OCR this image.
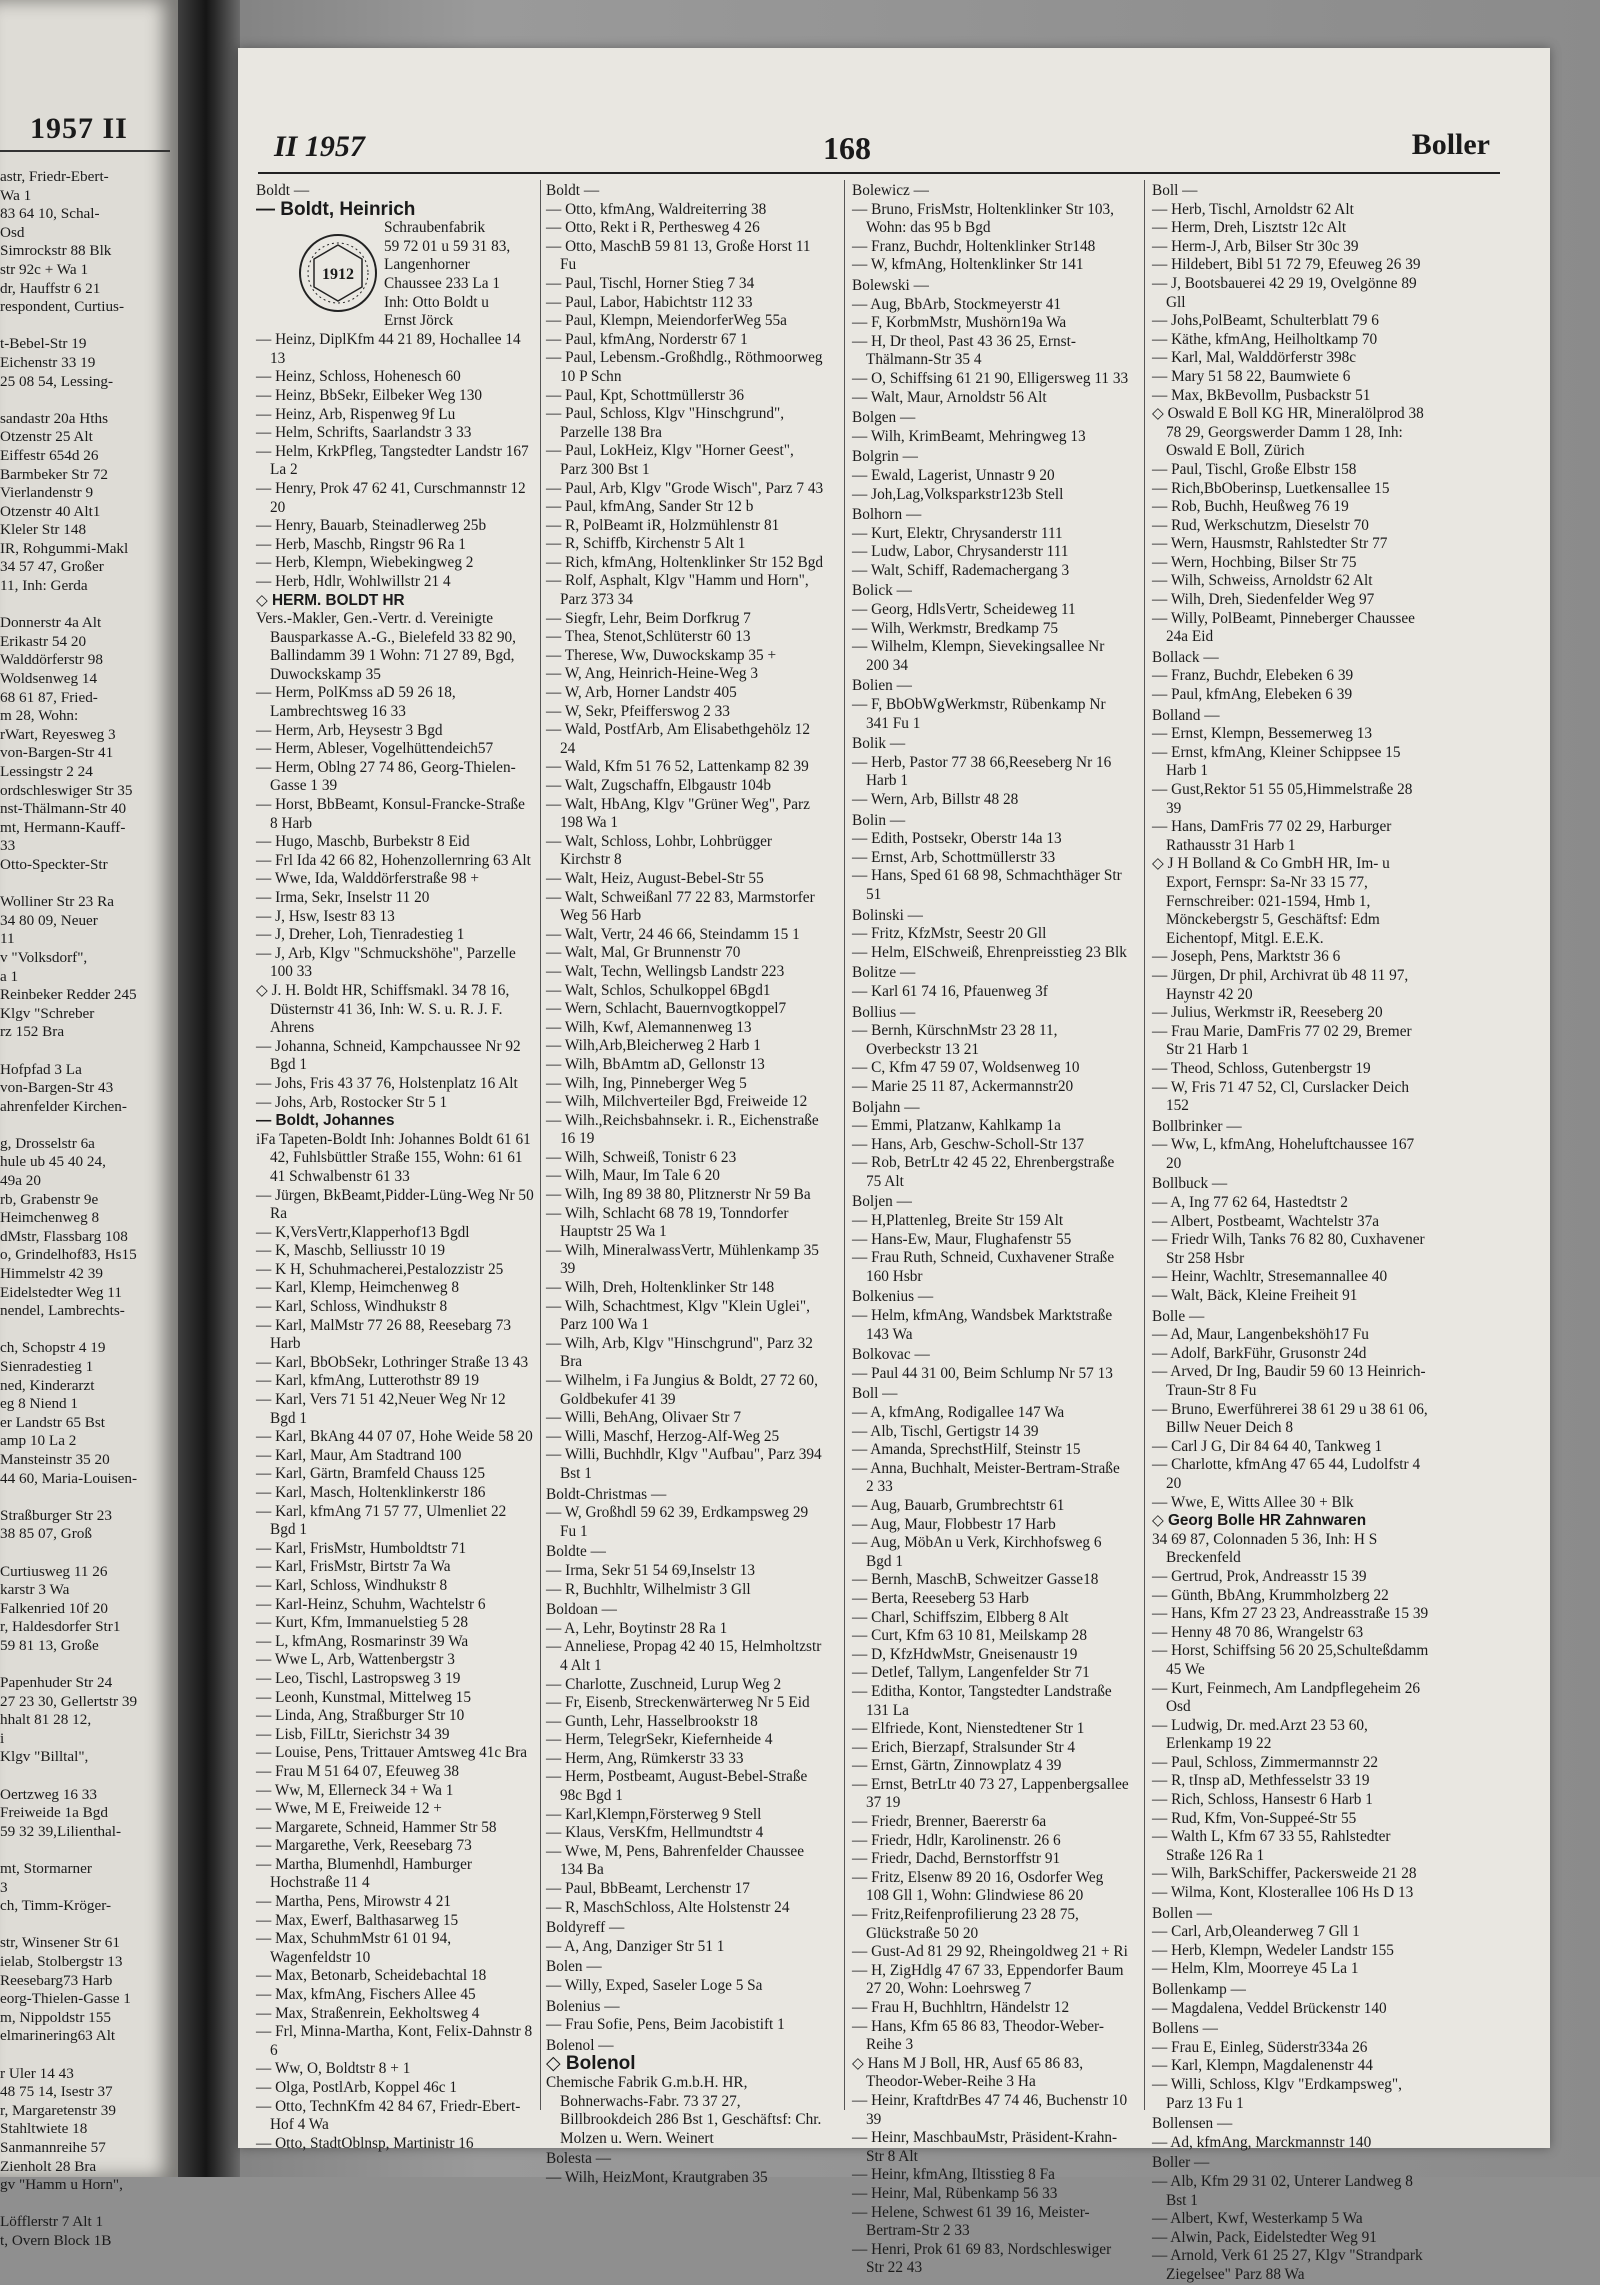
1957 II
astr, Friedr-Ebert-
Wa 1
83 64 10, Schal-
Osd
Simrockstr 88 Blk
str 92c + Wa 1
dr, Hauffstr 6 21
respondent, Curtius-
t-Bebel-Str 19
Eichenstr 33 19
25 08 54, Lessing-
sandastr 20a Hths
Otzenstr 25 Alt
Eiffestr 654d 26
Barmbeker Str 72
Vierlandenstr 9
Otzenstr 40 Alt1
Kleler Str 148
IR, Rohgummi-Makl
34 57 47, Großer
11, Inh: Gerda
Donnerstr 4a Alt
Erikastr 54 20
Walddörferstr 98
Woldsenweg 14
68 61 87, Fried-
m 28, Wohn:
rWart, Reyesweg 3
von-Bargen-Str 41
Lessingstr 2 24
ordschleswiger Str 35
nst-Thälmann-Str 40
mt, Hermann-Kauff-
33
Otto-Speckter-Str
Wolliner Str 23 Ra
34 80 09, Neuer
11
v "Volksdorf",
a 1
Reinbeker Redder 245
Klgv "Schreber
rz 152 Bra
Hofpfad 3 La
von-Bargen-Str 43
ahrenfelder Kirchen-
g, Drosselstr 6a
hule ub 45 40 24,
49a 20
rb, Grabenstr 9e
Heimchenweg 8
dMstr, Flassbarg 108
o, Grindelhof83, Hs15
Himmelstr 42 39
Eidelstedter Weg 11
nendel, Lambrechts-
ch, Schopstr 4 19
Sienradestieg 1
ned, Kinderarzt
eg 8 Niend 1
er Landstr 65 Bst
amp 10 La 2
Mansteinstr 35 20
44 60, Maria-Louisen-
Straßburger Str 23
38 85 07, Groß
Curtiusweg 11 26
karstr 3 Wa
Falkenried 10f 20
r, Haldesdorfer Str1
59 81 13, Große
Papenhuder Str 24
27 23 30, Gellertstr 39
hhalt 81 28 12,
i
Klgv "Billtal",
Oertzweg 16 33
Freiweide 1a Bgd
59 32 39,Lilienthal-
mt, Stormarner
3
ch, Timm-Kröger-
str, Winsener Str 61
ielab, Stolbergstr 13
Reesebarg73 Harb
eorg-Thielen-Gasse 1
m, Nippoldstr 155
elmarinering63 Alt
r Uler 14 43
48 75 14, Isestr 37
r, Margaretenstr 39
Stahltwiete 18
Sanmannreihe 57
Zienholt 28 Bra
gv "Hamm u Horn",
Löfflerstr 7 Alt 1
t, Overn Block 1B
II 1957	168	Boller
Boldt —
— Boldt, Heinrich
1912
Schraubenfabrik
59 72 01 u 59 31 83,
Langenhorner
Chaussee 233 La 1
Inh: Otto Boldt u
Ernst Jörck
— Heinz, DiplKfm 44 21 89, Hochallee 14 13
— Heinz, Schloss, Hohenesch 60
— Heinz, BbSekr, Eilbeker Weg 130
— Heinz, Arb, Rispenweg 9f Lu
— Helm, Schrifts, Saarlandstr 3 33
— Helm, KrkPfleg, Tangstedter Landstr 167 La 2
— Henry, Prok 47 62 41, Curschmannstr 12 20
— Henry, Bauarb, Steinadlerweg 25b
— Herb, Maschb, Ringstr 96 Ra 1
— Herb, Klempn, Wiebekingweg 2
— Herb, Hdlr, Wohlwillstr 21 4
◇ HERM. BOLDT HR
Vers.-Makler, Gen.-Vertr. d. Vereinigte Bausparkasse A.-G., Bielefeld 33 82 90, Ballindamm 39 1 Wohn: 71 27 89, Bgd, Duwockskamp 35
— Herm, PolKmss aD 59 26 18, Lambrechtsweg 16 33
— Herm, Arb, Heysestr 3 Bgd
— Herm, Ableser, Vogelhüttendeich57
— Herm, Oblng 27 74 86, Georg-Thielen-Gasse 1 39
— Horst, BbBeamt, Konsul-Francke-Straße 8 Harb
— Hugo, Maschb, Burbekstr 8 Eid
— Frl Ida 42 66 82, Hohenzollernring 63 Alt
— Wwe, Ida, Walddörferstraße 98 +
— Irma, Sekr, Inselstr 11 20
— J, Hsw, Isestr 83 13
— J, Dreher, Loh, Tienradestieg 1
— J, Arb, Klgv "Schmuckshöhe", Parzelle 100 33
◇ J. H. Boldt HR, Schiffsmakl. 34 78 16, Düsternstr 41 36, Inh: W. S. u. R. J. F. Ahrens
— Johanna, Schneid, Kampchaussee Nr 92 Bgd 1
— Johs, Fris 43 37 76, Holstenplatz 16 Alt
— Johs, Arb, Rostocker Str 5 1
— Boldt, Johannes
iFa Tapeten-Boldt Inh: Johannes Boldt 61 61 42, Fuhlsbüttler Straße 155, Wohn: 61 61 41 Schwalbenstr 61 33
— Jürgen, BkBeamt,Pidder-Lüng-Weg Nr 50 Ra
— K,VersVertr,Klapperhof13 Bgdl
— K, Maschb, Selliusstr 10 19
— K H, Schuhmacherei,Pestalozzistr 25
— Karl, Klemp, Heimchenweg 8
— Karl, Schloss, Windhukstr 8
— Karl, MalMstr 77 26 88, Reesebarg 73 Harb
— Karl, BbObSekr, Lothringer Straße 13 43
— Karl, kfmAng, Lutterothstr 89 19
— Karl, Vers 71 51 42,Neuer Weg Nr 12 Bgd 1
— Karl, BkAng 44 07 07, Hohe Weide 58 20
— Karl, Maur, Am Stadtrand 100
— Karl, Gärtn, Bramfeld Chauss 125
— Karl, Masch, Holtenklinkerstr 186
— Karl, kfmAng 71 57 77, Ulmenliet 22 Bgd 1
— Karl, FrisMstr, Humboldtstr 71
— Karl, FrisMstr, Birtstr 7a Wa
— Karl, Schloss, Windhukstr 8
— Karl-Heinz, Schuhm, Wachtelstr 6
— Kurt, Kfm, Immanuelstieg 5 28
— L, kfmAng, Rosmarinstr 39 Wa
— Wwe L, Arb, Wattenbergstr 3
— Leo, Tischl, Lastropsweg 3 19
— Leonh, Kunstmal, Mittelweg 15
— Linda, Ang, Straßburger Str 10
— Lisb, FilLtr, Sierichstr 34 39
— Louise, Pens, Trittauer Amtsweg 41c Bra
— Frau M 51 64 07, Efeuweg 38
— Ww, M, Ellerneck 34 + Wa 1
— Wwe, M E, Freiweide 12 +
— Margarete, Schneid, Hammer Str 58
— Margarethe, Verk, Reesebarg 73
— Martha, Blumenhdl, Hamburger Hochstraße 11 4
— Martha, Pens, Mirowstr 4 21
— Max, Ewerf, Balthasarweg 15
— Max, SchuhmMstr 61 01 94, Wagenfeldstr 10
— Max, Betonarb, Scheidebachtal 18
— Max, kfmAng, Fischers Allee 45
— Max, Straßenrein, Eekholtsweg 4
— Frl, Minna-Martha, Kont, Felix-Dahnstr 8 6
— Ww, O, Boldtstr 8 + 1
— Olga, PostlArb, Koppel 46c 1
— Otto, TechnKfm 42 84 67, Friedr-Ebert-Hof 4 Wa
— Otto, StadtOblnsp, Martinistr 16
Boldt —
— Otto, kfmAng, Waldreiterring 38
— Otto, Rekt i R, Perthesweg 4 26
— Otto, MaschB 59 81 13, Große Horst 11 Fu
— Paul, Tischl, Horner Stieg 7 34
— Paul, Labor, Habichtstr 112 33
— Paul, Klempn, MeiendorferWeg 55a
— Paul, kfmAng, Norderstr 67 1
— Paul, Lebensm.-Großhdlg., Röthmoorweg 10 P Schn
— Paul, Kpt, Schottmüllerstr 36
— Paul, Schloss, Klgv "Hinschgrund", Parzelle 138 Bra
— Paul, LokHeiz, Klgv "Horner Geest", Parz 300 Bst 1
— Paul, Arb, Klgv "Grode Wisch", Parz 7 43
— Paul, kfmAng, Sander Str 12 b
— R, PolBeamt iR, Holzmühlenstr 81
— R, Schiffb, Kirchenstr 5 Alt 1
— Rich, kfmAng, Holtenklinker Str 152 Bgd
— Rolf, Asphalt, Klgv "Hamm und Horn", Parz 373 34
— Siegfr, Lehr, Beim Dorfkrug 7
— Thea, Stenot,Schlüterstr 60 13
— Therese, Ww, Duwockskamp 35 +
— W, Ang, Heinrich-Heine-Weg 3
— W, Arb, Horner Landstr 405
— W, Sekr, Pfeifferswog 2 33
— Wald, PostfArb, Am Elisabethgehölz 12 24
— Wald, Kfm 51 76 52, Lattenkamp 82 39
— Walt, Zugschaffn, Elbgaustr 104b
— Walt, HbAng, Klgv "Grüner Weg", Parz 198 Wa 1
— Walt, Schloss, Lohbr, Lohbrügger Kirchstr 8
— Walt, Heiz, August-Bebel-Str 55
— Walt, Schweißanl 77 22 83, Marmstorfer Weg 56 Harb
— Walt, Vertr, 24 46 66, Steindamm 15 1
— Walt, Mal, Gr Brunnenstr 70
— Walt, Techn, Wellingsb Landstr 223
— Walt, Schlos, Schulkoppel 6Bgd1
— Wern, Schlacht, Bauernvogtkoppel7
— Wilh, Kwf, Alemannenweg 13
— Wilh,Arb,Bleicherweg 2 Harb 1
— Wilh, BbAmtm aD, Gellonstr 13
— Wilh, Ing, Pinneberger Weg 5
— Wilh, Milchverteiler Bgd, Freiweide 12
— Wilh.,Reichsbahnsekr. i. R., Eichenstraße 16 19
— Wilh, Schweiß, Tonistr 6 23
— Wilh, Maur, Im Tale 6 20
— Wilh, Ing 89 38 80, Plitznerstr Nr 59 Ba
— Wilh, Schlacht 68 78 19, Tonndorfer Hauptstr 25 Wa 1
— Wilh, MineralwassVertr, Mühlenkamp 35 39
— Wilh, Dreh, Holtenklinker Str 148
— Wilh, Schachtmest, Klgv "Klein Uglei", Parz 100 Wa 1
— Wilh, Arb, Klgv "Hinschgrund", Parz 32 Bra
— Wilhelm, i Fa Jungius & Boldt, 27 72 60, Goldbekufer 41 39
— Willi, BehAng, Olivaer Str 7
— Willi, Maschf, Herzog-Alf-Weg 25
— Willi, Buchhdlr, Klgv "Aufbau", Parz 394 Bst 1
Boldt-Christmas —
— W, Großhdl 59 62 39, Erdkampsweg 29 Fu 1
Boldte —
— Irma, Sekr 51 54 69,Inselstr 13
— R, Buchhltr, Wilhelmistr 3 Gll
Boldoan —
— A, Lehr, Boytinstr 28 Ra 1
— Anneliese, Propag 42 40 15, Helmholtzstr 4 Alt 1
— Charlotte, Zuschneid, Lurup Weg 2
— Fr, Eisenb, Streckenwärterweg Nr 5 Eid
— Gunth, Lehr, Hasselbrookstr 18
— Herm, TelegrSekr, Kiefernheide 4
— Herm, Ang, Rümkerstr 33 33
— Herm, Postbeamt, August-Bebel-Straße 98c Bgd 1
— Karl,Klempn,Försterweg 9 Stell
— Klaus, VersKfm, Hellmundtstr 4
— Wwe, M, Pens, Bahrenfelder Chaussee 134 Ba
— Paul, BbBeamt, Lerchenstr 17
— R, MaschSchloss, Alte Holstenstr 24
Boldyreff —
— A, Ang, Danziger Str 51 1
Bolen —
— Willy, Exped, Saseler Loge 5 Sa
Bolenius —
— Frau Sofie, Pens, Beim Jacobistift 1
Bolenol —
◇ Bolenol
Chemische Fabrik G.m.b.H. HR, Bohnerwachs-Fabr. 73 37 27, Billbrookdeich 286 Bst 1, Geschäftsf: Chr. Molzen u. Wern. Weinert
Bolesta —
— Wilh, HeizMont, Krautgraben 35
Bolewicz —
— Bruno, FrisMstr, Holtenklinker Str 103, Wohn: das 95 b Bgd
— Franz, Buchdr, Holtenklinker Str148
— W, kfmAng, Holtenklinker Str 141
Bolewski —
— Aug, BbArb, Stockmeyerstr 41
— F, KorbmMstr, Mushörn19a Wa
— H, Dr theol, Past 43 36 25, Ernst-Thälmann-Str 35 4
— O, Schiffsing 61 21 90, Elligersweg 11 33
— Walt, Maur, Arnoldstr 56 Alt
Bolgen —
— Wilh, KrimBeamt, Mehringweg 13
Bolgrin —
— Ewald, Lagerist, Unnastr 9 20
— Joh,Lag,Volksparkstr123b Stell
Bolhorn —
— Kurt, Elektr, Chrysanderstr 111
— Ludw, Labor, Chrysanderstr 111
— Walt, Schiff, Rademachergang 3
Bolick —
— Georg, HdlsVertr, Scheideweg 11
— Wilh, Werkmstr, Bredkamp 75
— Wilhelm, Klempn, Sievekingsallee Nr 200 34
Bolien —
— F, BbObWgWerkmstr, Rübenkamp Nr 341 Fu 1
Bolik —
— Herb, Pastor 77 38 66,Reeseberg Nr 16 Harb 1
— Wern, Arb, Billstr 48 28
Bolin —
— Edith, Postsekr, Oberstr 14a 13
— Ernst, Arb, Schottmüllerstr 33
— Hans, Sped 61 68 98, Schmachthäger Str 51
Bolinski —
— Fritz, KfzMstr, Seestr 20 Gll
— Helm, ElSchweiß, Ehrenpreisstieg 23 Blk
Bolitze —
— Karl 61 74 16, Pfauenweg 3f
Bollius —
— Bernh, KürschnMstr 23 28 11, Overbeckstr 13 21
— C, Kfm 47 59 07, Woldsenweg 10
— Marie 25 11 87, Ackermannstr20
Boljahn —
— Emmi, Platzanw, Kahlkamp 1a
— Hans, Arb, Geschw-Scholl-Str 137
— Rob, BetrLtr 42 45 22, Ehrenbergstraße 75 Alt
Boljen —
— H,Plattenleg, Breite Str 159 Alt
— Hans-Ew, Maur, Flughafenstr 55
— Frau Ruth, Schneid, Cuxhavener Straße 160 Hsbr
Bolkenius —
— Helm, kfmAng, Wandsbek Marktstraße 143 Wa
Bolkovac —
— Paul 44 31 00, Beim Schlump Nr 57 13
Boll —
— A, kfmAng, Rodigallee 147 Wa
— Alb, Tischl, Gertigstr 14 39
— Amanda, SprechstHilf, Steinstr 15
— Anna, Buchhalt, Meister-Bertram-Straße 2 33
— Aug, Bauarb, Grumbrechtstr 61
— Aug, Maur, Flobbestr 17 Harb
— Aug, MöbAn u Verk, Kirchhofsweg 6 Bgd 1
— Bernh, MaschB, Schweitzer Gasse18
— Berta, Reeseberg 53 Harb
— Charl, Schiffszim, Elbberg 8 Alt
— Curt, Kfm 63 10 81, Meilskamp 28
— D, KfzHdwMstr, Gneisenaustr 19
— Detlef, Tallym, Langenfelder Str 71
— Editha, Kontor, Tangstedter Landstraße 131 La
— Elfriede, Kont, Nienstedtener Str 1
— Erich, Bierzapf, Stralsunder Str 4
— Ernst, Gärtn, Zinnowplatz 4 39
— Ernst, BetrLtr 40 73 27, Lappenbergsallee 37 19
— Friedr, Brenner, Baererstr 6a
— Friedr, Hdlr, Karolinenstr. 26 6
— Friedr, Dachd, Bernstorffstr 91
— Fritz, Elsenw 89 20 16, Osdorfer Weg 108 Gll 1, Wohn: Glindwiese 86 20
— Fritz,Reifenprofilierung 23 28 75, Glückstraße 50 20
— Gust-Ad 81 29 92, Rheingoldweg 21 + Ri
— H, ZigHdlg 47 67 33, Eppendorfer Baum 27 20, Wohn: Loehrsweg 7
— Frau H, Buchhltrn, Händelstr 12
— Hans, Kfm 65 86 83, Theodor-Weber-Reihe 3
◇ Hans M J Boll, HR, Ausf 65 86 83, Theodor-Weber-Reihe 3 Ha
— Heinr, KraftdrBes 47 74 46, Buchenstr 10 39
— Heinr, MaschbauMstr, Präsident-Krahn-Str 8 Alt
— Heinr, kfmAng, Iltisstieg 8 Fa
— Heinr, Mal, Rübenkamp 56 33
— Helene, Schwest 61 39 16, Meister-Bertram-Str 2 33
— Henri, Prok 61 69 83, Nordschleswiger Str 22 43
Boll —
— Herb, Tischl, Arnoldstr 62 Alt
— Herm, Dreh, Lisztstr 12c Alt
— Herm-J, Arb, Bilser Str 30c 39
— Hildebert, Bibl 51 72 79, Efeuweg 26 39
— J, Bootsbauerei 42 29 19, Ovelgönne 89 Gll
— Johs,PolBeamt, Schulterblatt 79 6
— Käthe, kfmAng, Heilholtkamp 70
— Karl, Mal, Walddörferstr 398c
— Mary 51 58 22, Baumwiete 6
— Max, BkBevollm, Pusbackstr 51
◇ Oswald E Boll KG HR, Mineralölprod 38 78 29, Georgswerder Damm 1 28, Inh: Oswald E Boll, Zürich
— Paul, Tischl, Große Elbstr 158
— Rich,BbOberinsp, Luetkensallee 15
— Rob, Buchh, Heußweg 76 19
— Rud, Werkschutzm, Dieselstr 70
— Wern, Hausmstr, Rahlstedter Str 77
— Wern, Hochbing, Bilser Str 75
— Wilh, Schweiss, Arnoldstr 62 Alt
— Wilh, Dreh, Siedenfelder Weg 97
— Willy, PolBeamt, Pinneberger Chaussee 24a Eid
Bollack —
— Franz, Buchdr, Elebeken 6 39
— Paul, kfmAng, Elebeken 6 39
Bolland —
— Ernst, Klempn, Bessemerweg 13
— Ernst, kfmAng, Kleiner Schippsee 15 Harb 1
— Gust,Rektor 51 55 05,Himmelstraße 28 39
— Hans, DamFris 77 02 29, Harburger Rathausstr 31 Harb 1
◇ J H Bolland & Co GmbH HR, Im- u Export, Fernspr: Sa-Nr 33 15 77, Fernschreiber: 021-1594, Hmb 1, Mönckebergstr 5, Geschäftsf: Edm Eichentopf, Mitgl. E.E.K.
— Joseph, Pens, Marktstr 36 6
— Jürgen, Dr phil, Archivrat üb 48 11 97, Haynstr 42 20
— Julius, Werkmstr iR, Reeseberg 20
— Frau Marie, DamFris 77 02 29, Bremer Str 21 Harb 1
— Theod, Schloss, Gutenbergstr 19
— W, Fris 71 47 52, Cl, Curslacker Deich 152
Bollbrinker —
— Ww, L, kfmAng, Hoheluftchaussee 167 20
Bollbuck —
— A, Ing 77 62 64, Hastedtstr 2
— Albert, Postbeamt, Wachtelstr 37a
— Friedr Wilh, Tanks 76 82 80, Cuxhavener Str 258 Hsbr
— Heinr, Wachltr, Stresemannallee 40
— Walt, Bäck, Kleine Freiheit 91
Bolle —
— Ad, Maur, Langenbekshöh17 Fu
— Adolf, BarkFühr, Grusonstr 24d
— Arved, Dr Ing, Baudir 59 60 13 Heinrich-Traun-Str 8 Fu
— Bruno, Ewerführerei 38 61 29 u 38 61 06, Billw Neuer Deich 8
— Carl J G, Dir 84 64 40, Tankweg 1
— Charlotte, kfmAng 47 65 44, Ludolfstr 4 20
— Wwe, E, Witts Allee 30 + Blk
◇ Georg Bolle HR Zahnwaren
34 69 87, Colonnaden 5 36, Inh: H S Breckenfeld
— Gertrud, Prok, Andreasstr 15 39
— Günth, BbAng, Krummholzberg 22
— Hans, Kfm 27 23 23, Andreasstraße 15 39
— Henny 48 70 86, Wrangelstr 63
— Horst, Schiffsing 56 20 25,Schulteßdamm 45 We
— Kurt, Feinmech, Am Landpflegeheim 26 Osd
— Ludwig, Dr. med.Arzt 23 53 60, Erlenkamp 19 22
— Paul, Schloss, Zimmermannstr 22
— R, tInsp aD, Methfesselstr 33 19
— Rich, Schloss, Hansestr 6 Harb 1
— Rud, Kfm, Von-Suppeé-Str 55
— Walth L, Kfm 67 33 55, Rahlstedter Straße 126 Ra 1
— Wilh, BarkSchiffer, Packersweide 21 28
— Wilma, Kont, Klosterallee 106 Hs D 13
Bollen —
— Carl, Arb,Oleanderweg 7 Gll 1
— Herb, Klempn, Wedeler Landstr 155
— Helm, Klm, Moorreye 45 La 1
Bollenkamp —
— Magdalena, Veddel Brückenstr 140
Bollens —
— Frau E, Einleg, Süderstr334a 26
— Karl, Klempn, Magdalenenstr 44
— Willi, Schloss, Klgv "Erdkampsweg", Parz 13 Fu 1
Bollensen —
— Ad, kfmAng, Marckmannstr 140
Boller —
— Alb, Kfm 29 31 02, Unterer Landweg 8 Bst 1
— Albert, Kwf, Westerkamp 5 Wa
— Alwin, Pack, Eidelstedter Weg 91
— Arnold, Verk 61 25 27, Klgv "Strandpark Ziegelsee" Parz 88 Wa
